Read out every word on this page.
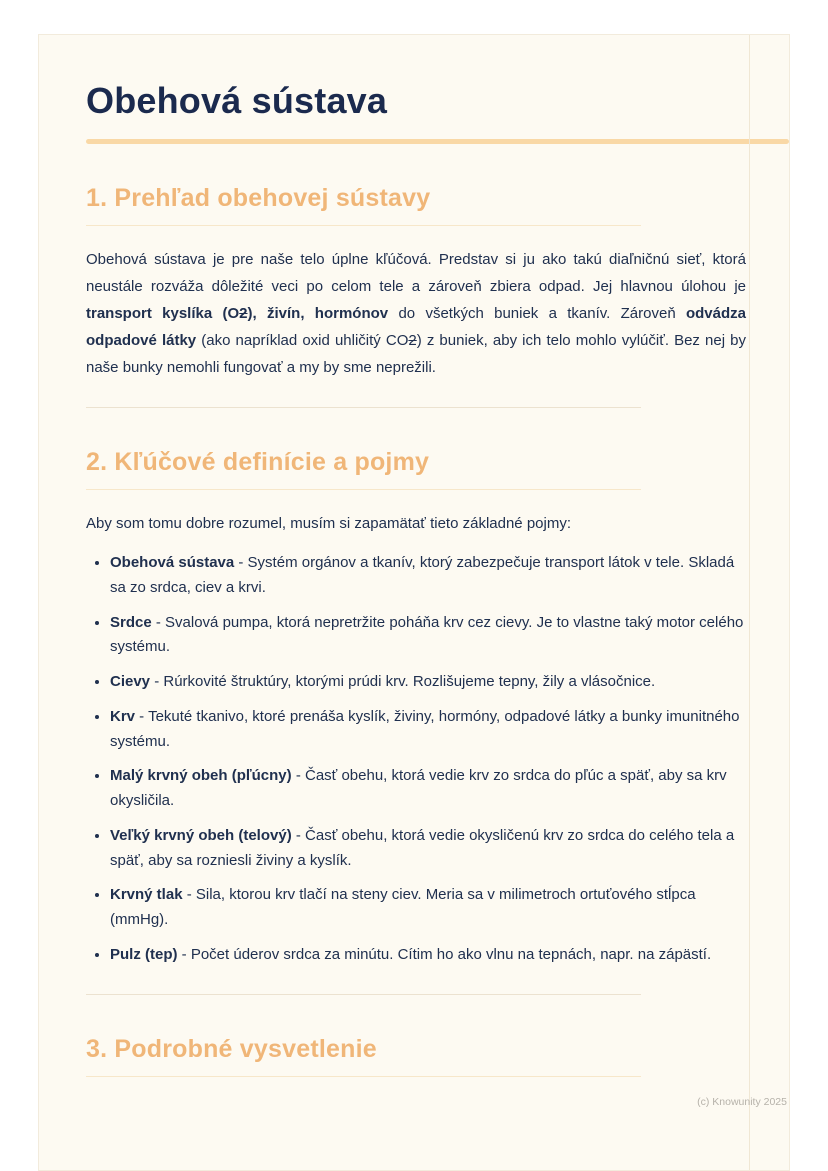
Obehová sústava
1. Prehľad obehovej sústavy

Obehová sústava je pre naše telo úplne kľúčová. Predstav si ju ako takú diaľničnú sieť, ktorá neustále rozváža dôležité veci po celom tele a zároveň zbiera odpad. Jej hlavnou úlohou je transport kyslíka (O2), živín, hormónov do všetkých buniek a tkanív. Zároveň odvádza odpadové látky (ako napríklad oxid uhličitý CO2) z buniek, aby ich telo mohlo vylúčiť. Bez nej by naše bunky nemohli fungovať a my by sme neprežili.

2. Kľúčové definície a pojmy

Aby som tomu dobre rozumel, musím si zapamätať tieto základné pojmy:

• Obehová sústava - Systém orgánov a tkanív, ktorý zabezpečuje transport látok v tele. Skladá sa zo srdca, ciev a krvi.
• Srdce - Svalová pumpa, ktorá nepretržite poháňa krv cez cievy. Je to vlastne taký motor celého systému.
• Cievy - Rúrkovité štruktúry, ktorými prúdi krv. Rozlišujeme tepny, žily a vlásočnice.
• Krv - Tekuté tkanivo, ktoré prenáša kyslík, živiny, hormóny, odpadové látky a bunky imunitného systému.
• Malý krvný obeh (pľúcny) - Časť obehu, ktorá vedie krv zo srdca do pľúc a späť, aby sa krv okysličila.
• Veľký krvný obeh (telový) - Časť obehu, ktorá vedie okysličenú krv zo srdca do celého tela a späť, aby sa rozniesli živiny a kyslík.
• Krvný tlak - Sila, ktorou krv tlačí na steny ciev. Meria sa v milimetroch ortuťového stĺpca (mmHg).
• Pulz (tep) - Počet úderov srdca za minútu. Cítim ho ako vlnu na tepnách, napr. na zápästí.
3. Podrobné vysvetlenie
(c) Knowunity 2025
